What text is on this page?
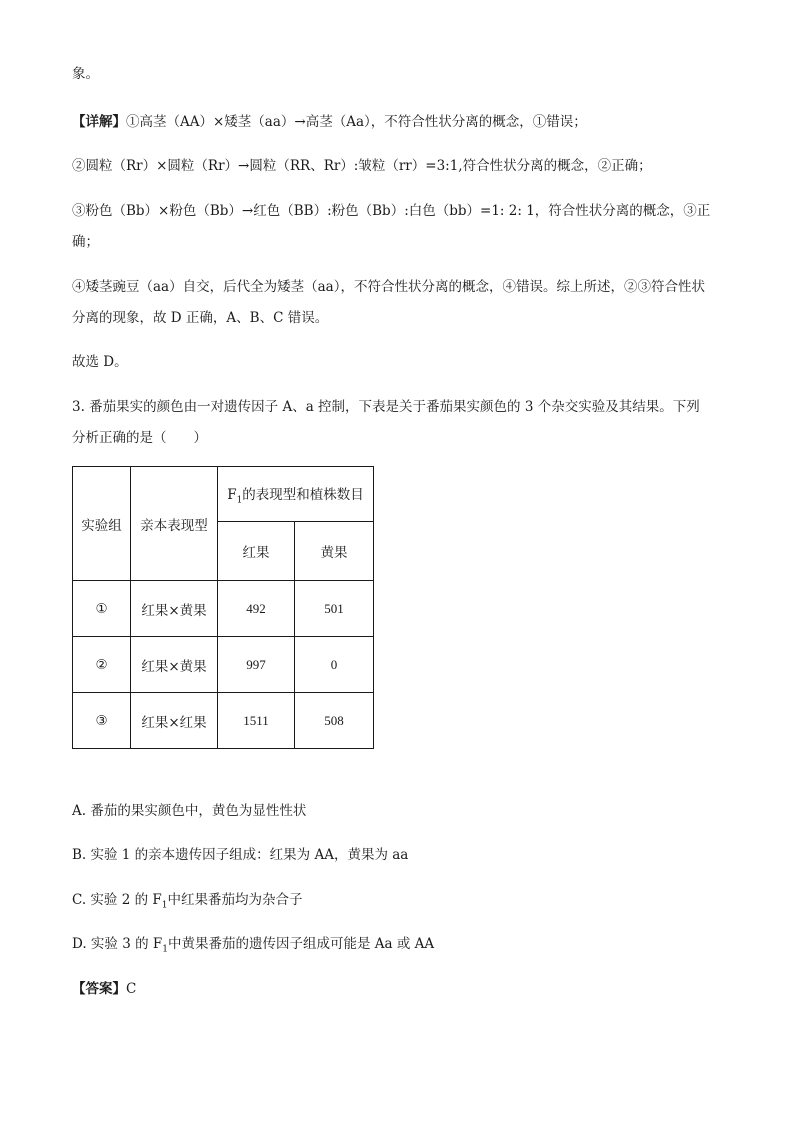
象。
【详解】①高茎（AA）×矮茎（aa）→高茎（Aa），不符合性状分离的概念，①错误；
②圆粒（Rr）×圆粒（Rr）→圆粒（RR、Rr）:皱粒（rr）=3:1,符合性状分离的概念，②正确；
③粉色（Bb）×粉色（Bb）→红色（BB）:粉色（Bb）:白色（bb）=1: 2: 1，符合性状分离的概念，③正
确；
④矮茎豌豆（aa）自交，后代全为矮茎（aa），不符合性状分离的概念，④错误。综上所述，②③符合性状
分离的现象，故 D 正确，A、B、C 错误。
故选 D。
3. 番茄果实的颜色由一对遗传因子 A、a 控制，下表是关于番茄果实颜色的 3 个杂交实验及其结果。下列
分析正确的是（　　）
实验组	亲本表现型	$F_1$的表现型和植株数目	
		红果	黄果
①	红果×黄果	492	501
②	红果×黄果	997	0
③	红果×红果	1511	508
A. 番茄的果实颜色中，黄色为显性性状
B. 实验 1 的亲本遗传因子组成：红果为 AA，黄果为 aa
C. 实验 2 的 $F_1$中红果番茄均为杂合子
D. 实验 3 的 $F_1$中黄果番茄的遗传因子组成可能是 Aa 或 AA
【答案】C
